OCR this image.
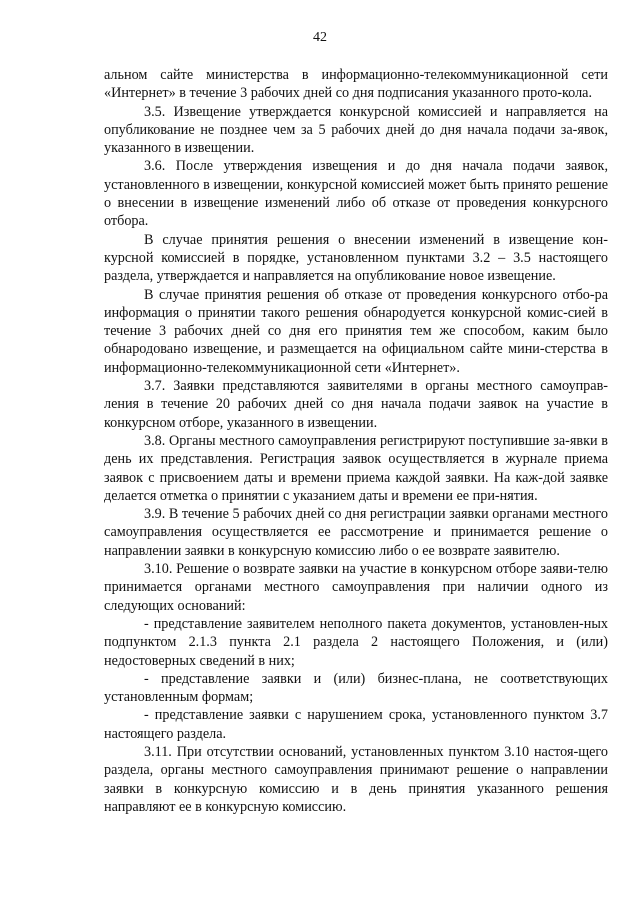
42

альном сайте министерства в информационно-телекоммуникационной сети «Интернет» в течение 3 рабочих дней со дня подписания указанного прото-кола.

3.5. Извещение утверждается конкурсной комиссией и направляется на опубликование не позднее чем за 5 рабочих дней до дня начала подачи за-явок, указанного в извещении.

3.6. После утверждения извещения и до дня начала подачи заявок, установленного в извещении, конкурсной комиссией может быть принято решение о внесении в извещение изменений либо об отказе от проведения конкурсного отбора.

В случае принятия решения о внесении изменений в извещение кон-курсной комиссией в порядке, установленном пунктами 3.2 – 3.5 настоящего раздела, утверждается и направляется на опубликование новое извещение.

В случае принятия решения об отказе от проведения конкурсного отбо-ра информация о принятии такого решения обнародуется конкурсной комис-сией в течение 3 рабочих дней со дня его принятия тем же способом, каким было обнародовано извещение, и размещается на официальном сайте мини-стерства в информационно-телекоммуникационной сети «Интернет».

3.7. Заявки представляются заявителями в органы местного самоуправ-ления в течение 20 рабочих дней со дня начала подачи заявок на участие в конкурсном отборе, указанного в извещении.

3.8. Органы местного самоуправления регистрируют поступившие за-явки в день их представления. Регистрация заявок осуществляется в журнале приема заявок с присвоением даты и времени приема каждой заявки. На каж-дой заявке делается отметка о принятии с указанием даты и времени ее при-нятия.

3.9. В течение 5 рабочих дней со дня регистрации заявки органами местного самоуправления осуществляется ее рассмотрение и принимается решение о направлении заявки в конкурсную комиссию либо о ее возврате заявителю.

3.10. Решение о возврате заявки на участие в конкурсном отборе заяви-телю принимается органами местного самоуправления при наличии одного из следующих оснований:

- представление заявителем неполного пакета документов, установлен-ных подпунктом 2.1.3 пункта 2.1 раздела 2 настоящего Положения, и (или) недостоверных сведений в них;

- представление заявки и (или) бизнес-плана, не соответствующих установленным формам;

- представление заявки с нарушением срока, установленного пунктом 3.7 настоящего раздела.

3.11. При отсутствии оснований, установленных пунктом 3.10 настоя-щего раздела, органы местного самоуправления принимают решение о направлении заявки в конкурсную комиссию и в день принятия указанного решения направляют ее в конкурсную комиссию.
